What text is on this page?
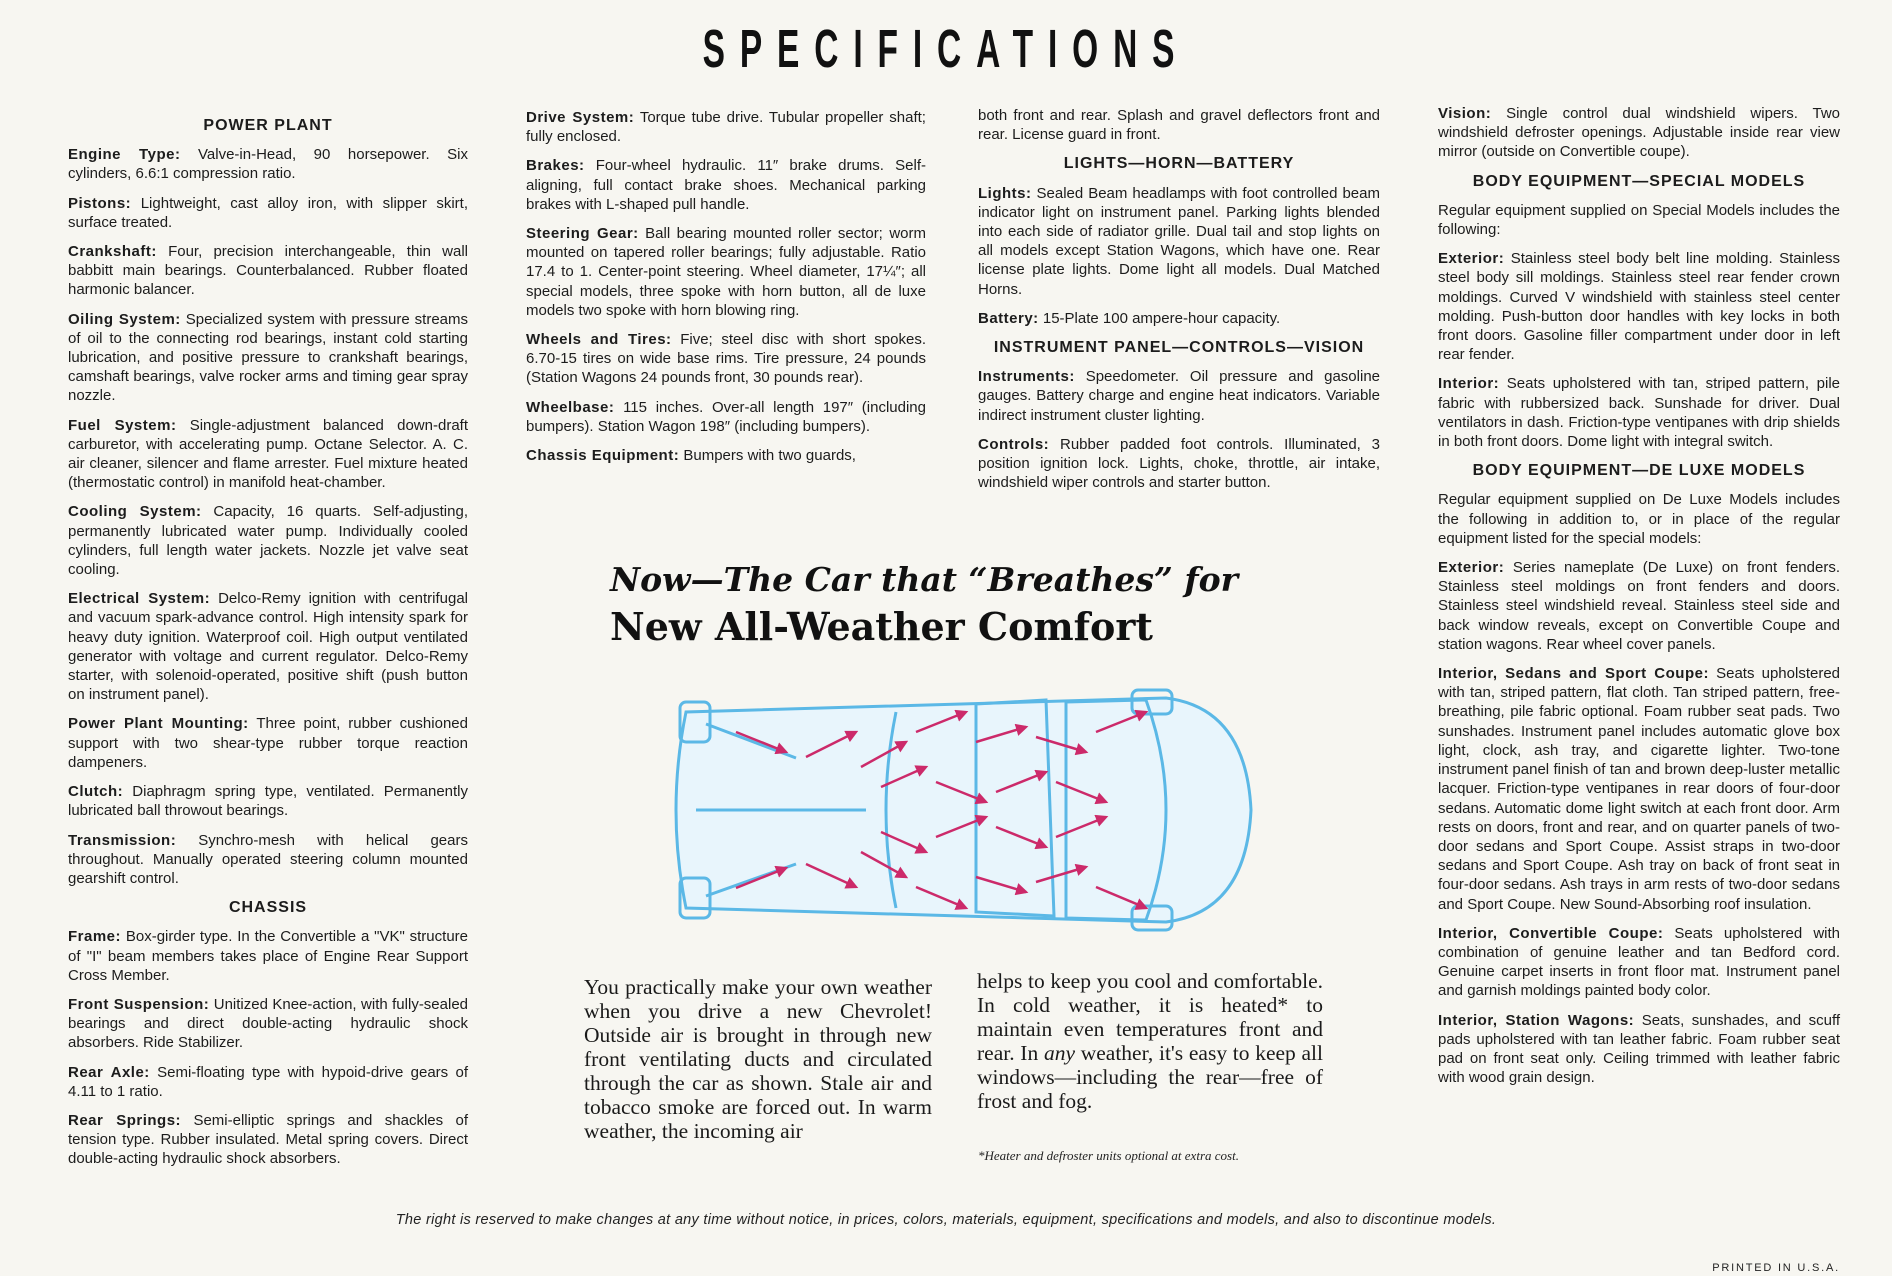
SPECIFICATIONS
POWER PLANT

Engine Type: Valve-in-Head, 90 horsepower. Six cylinders, 6.6:1 compression ratio.

Pistons: Lightweight, cast alloy iron, with slipper skirt, surface treated.

Crankshaft: Four, precision interchangeable, thin wall babbitt main bearings. Counterbalanced. Rubber floated harmonic balancer.

Oiling System: Specialized system with pressure streams of oil to the connecting rod bearings, instant cold starting lubrication, and positive pressure to crankshaft bearings, camshaft bearings, valve rocker arms and timing gear spray nozzle.

Fuel System: Single-adjustment balanced down-draft carburetor, with accelerating pump. Octane Selector. A. C. air cleaner, silencer and flame arrester. Fuel mixture heated (thermostatic control) in manifold heat-chamber.

Cooling System: Capacity, 16 quarts. Self-adjusting, permanently lubricated water pump. Individually cooled cylinders, full length water jackets. Nozzle jet valve seat cooling.

Electrical System: Delco-Remy ignition with centrifugal and vacuum spark-advance control. High intensity spark for heavy duty ignition. Waterproof coil. High output ventilated generator with voltage and current regulator. Delco-Remy starter, with solenoid-operated, positive shift (push button on instrument panel).

Power Plant Mounting: Three point, rubber cushioned support with two shear-type rubber torque reaction dampeners.

Clutch: Diaphragm spring type, ventilated. Permanently lubricated ball throwout bearings.

Transmission: Synchro-mesh with helical gears throughout. Manually operated steering column mounted gearshift control.

CHASSIS

Frame: Box-girder type. In the Convertible a "VK" structure of "I" beam members takes place of Engine Rear Support Cross Member.

Front Suspension: Unitized Knee-action, with fully-sealed bearings and direct double-acting hydraulic shock absorbers. Ride Stabilizer.

Rear Axle: Semi-floating type with hypoid-drive gears of 4.11 to 1 ratio.

Rear Springs: Semi-elliptic springs and shackles of tension type. Rubber insulated. Metal spring covers. Direct double-acting hydraulic shock absorbers.

Drive System: Torque tube drive. Tubular propeller shaft; fully enclosed.

Brakes: Four-wheel hydraulic. 11″ brake drums. Self-aligning, full contact brake shoes. Mechanical parking brakes with L-shaped pull handle.

Steering Gear: Ball bearing mounted roller sector; worm mounted on tapered roller bearings; fully adjustable. Ratio 17.4 to 1. Center-point steering. Wheel diameter, 17¼″; all special models, three spoke with horn button, all de luxe models two spoke with horn blowing ring.

Wheels and Tires: Five; steel disc with short spokes. 6.70-15 tires on wide base rims. Tire pressure, 24 pounds (Station Wagons 24 pounds front, 30 pounds rear).

Wheelbase: 115 inches. Over-all length 197″ (including bumpers). Station Wagon 198″ (including bumpers).

Chassis Equipment: Bumpers with two guards,

both front and rear. Splash and gravel deflectors front and rear. License guard in front.

LIGHTS—HORN—BATTERY

Lights: Sealed Beam headlamps with foot controlled beam indicator light on instrument panel. Parking lights blended into each side of radiator grille. Dual tail and stop lights on all models except Station Wagons, which have one. Rear license plate lights. Dome light all models. Dual Matched Horns.

Battery: 15-Plate 100 ampere-hour capacity.

INSTRUMENT PANEL—CONTROLS—VISION

Instruments: Speedometer. Oil pressure and gasoline gauges. Battery charge and engine heat indicators. Variable indirect instrument cluster lighting.

Controls: Rubber padded foot controls. Illuminated, 3 position ignition lock. Lights, choke, throttle, air intake, windshield wiper controls and starter button.

Vision: Single control dual windshield wipers. Two windshield defroster openings. Adjustable inside rear view mirror (outside on Convertible coupe).

BODY EQUIPMENT—SPECIAL MODELS

Regular equipment supplied on Special Models includes the following:

Exterior: Stainless steel body belt line molding. Stainless steel body sill moldings. Stainless steel rear fender crown moldings. Curved V windshield with stainless steel center molding. Push-button door handles with key locks in both front doors. Gasoline filler compartment under door in left rear fender.

Interior: Seats upholstered with tan, striped pattern, pile fabric with rubbersized back. Sunshade for driver. Dual ventilators in dash. Friction-type ventipanes with drip shields in both front doors. Dome light with integral switch.

BODY EQUIPMENT—DE LUXE MODELS

Regular equipment supplied on De Luxe Models includes the following in addition to, or in place of the regular equipment listed for the special models:

Exterior: Series nameplate (De Luxe) on front fenders. Stainless steel moldings on front fenders and doors. Stainless steel windshield reveal. Stainless steel side and back window reveals, except on Convertible Coupe and station wagons. Rear wheel cover panels.

Interior, Sedans and Sport Coupe: Seats upholstered with tan, striped pattern, flat cloth. Tan striped pattern, free-breathing, pile fabric optional. Foam rubber seat pads. Two sunshades. Instrument panel includes automatic glove box light, clock, ash tray, and cigarette lighter. Two-tone instrument panel finish of tan and brown deep-luster metallic lacquer. Friction-type ventipanes in rear doors of four-door sedans. Automatic dome light switch at each front door. Arm rests on doors, front and rear, and on quarter panels of two-door sedans and Sport Coupe. Assist straps in two-door sedans and Sport Coupe. Ash tray on back of front seat in four-door sedans. Ash trays in arm rests of two-door sedans and Sport Coupe. New Sound-Absorbing roof insulation.

Interior, Convertible Coupe: Seats upholstered with combination of genuine leather and tan Bedford cord. Genuine carpet inserts in front floor mat. Instrument panel and garnish moldings painted body color.

Interior, Station Wagons: Seats, sunshades, and scuff pads upholstered with tan leather fabric. Foam rubber seat pad on front seat only. Ceiling trimmed with leather fabric with wood grain design.

Now—The Car that “Breathes” for
New All-Weather Comfort
You practically make your own weather when you drive a new Chevrolet! Outside air is brought in through new front ventilating ducts and circulated through the car as shown. Stale air and tobacco smoke are forced out. In warm weather, the incoming air
helps to keep you cool and comfortable. In cold weather, it is heated* to maintain even temperatures front and rear. In any weather, it's easy to keep all windows—including the rear—free of frost and fog.
*Heater and defroster units optional at extra cost.
The right is reserved to make changes at any time without notice, in prices, colors, materials, equipment, specifications and models, and also to discontinue models.
PRINTED IN U.S.A.
